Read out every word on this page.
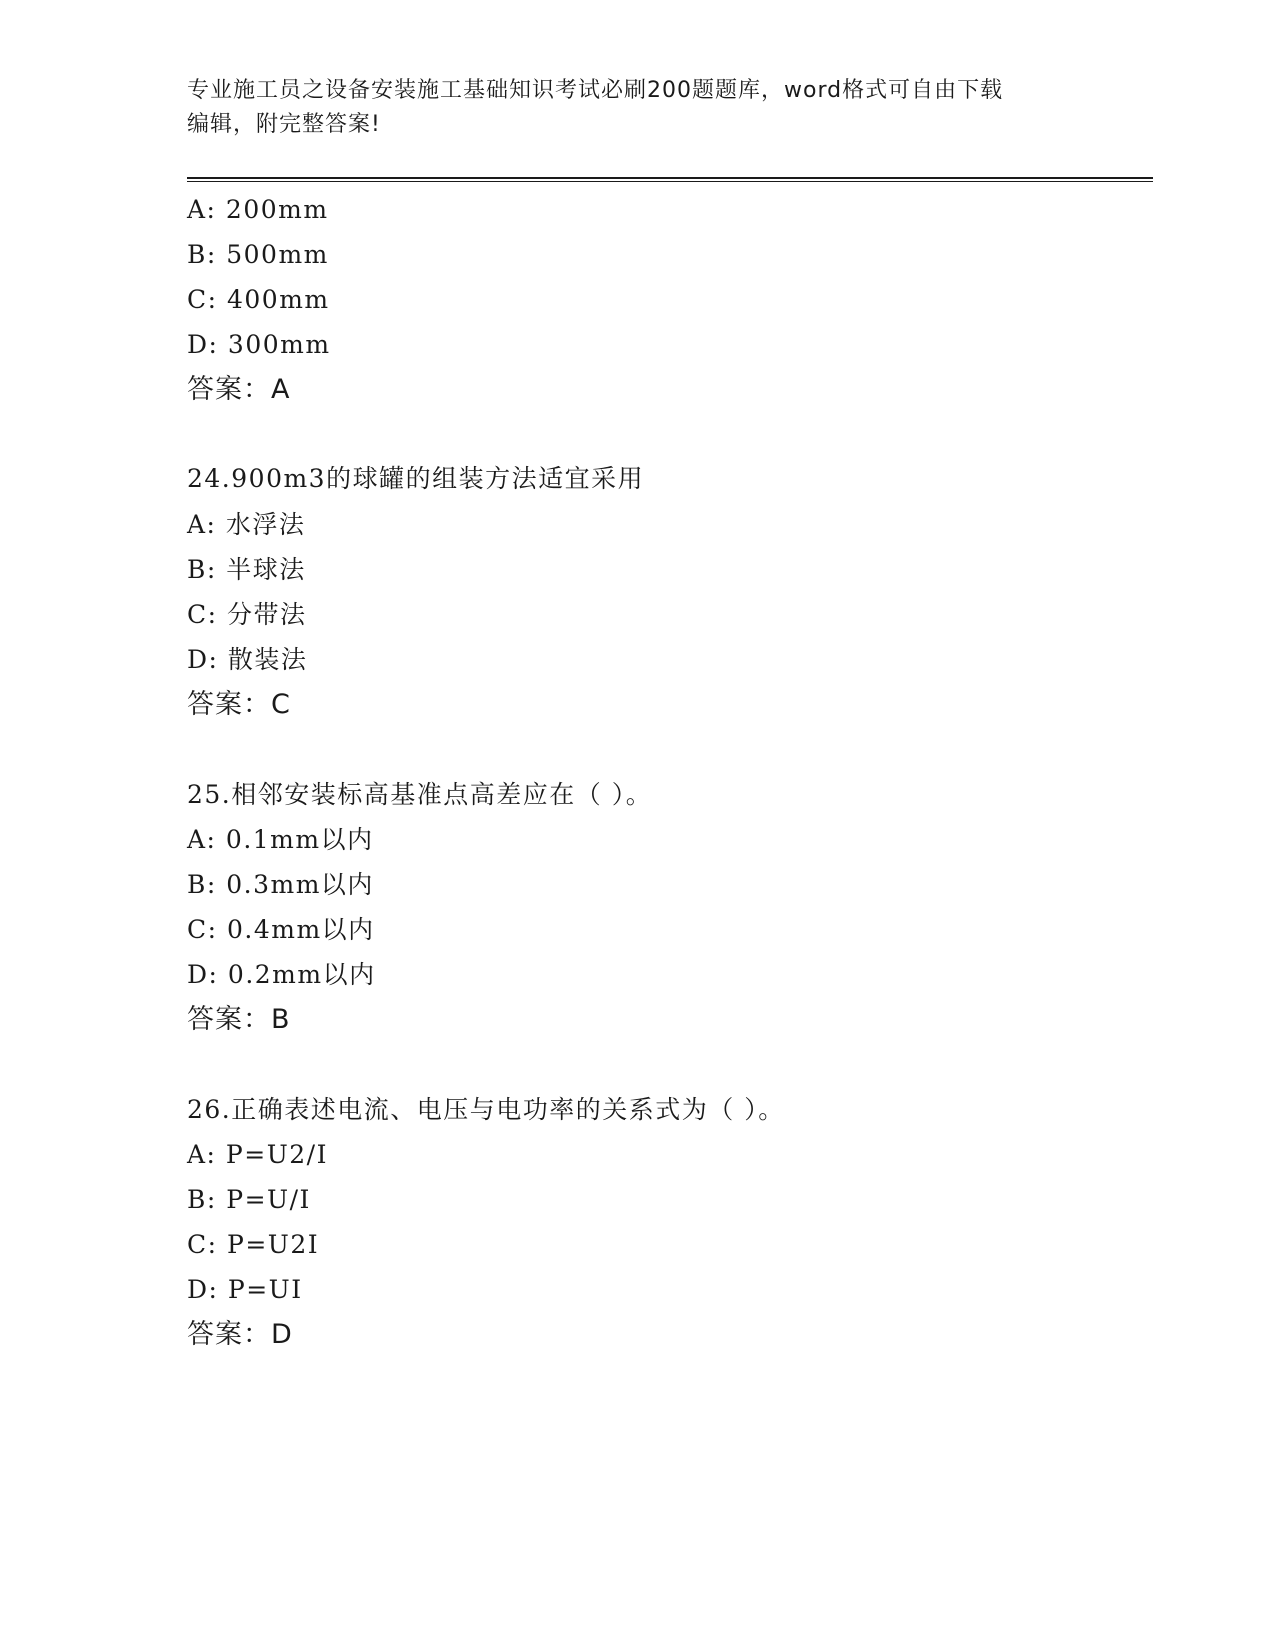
专业施工员之设备安装施工基础知识考试必刷200题题库，word格式可自由下载
编辑，附完整答案!
A: 200mm
B: 500mm
C: 400mm
D: 300mm
答案：A
24.900m3的球罐的组装方法适宜采用
A: 水浮法
B: 半球法
C: 分带法
D: 散装法
答案：C
25.相邻安装标高基准点高差应在（ ）。
A: 0.1mm以内
B: 0.3mm以内
C: 0.4mm以内
D: 0.2mm以内
答案：B
26.正确表述电流、电压与电功率的关系式为（ ）。
A: P=U2/I
B: P=U/I
C: P=U2I
D: P=UI
答案：D
